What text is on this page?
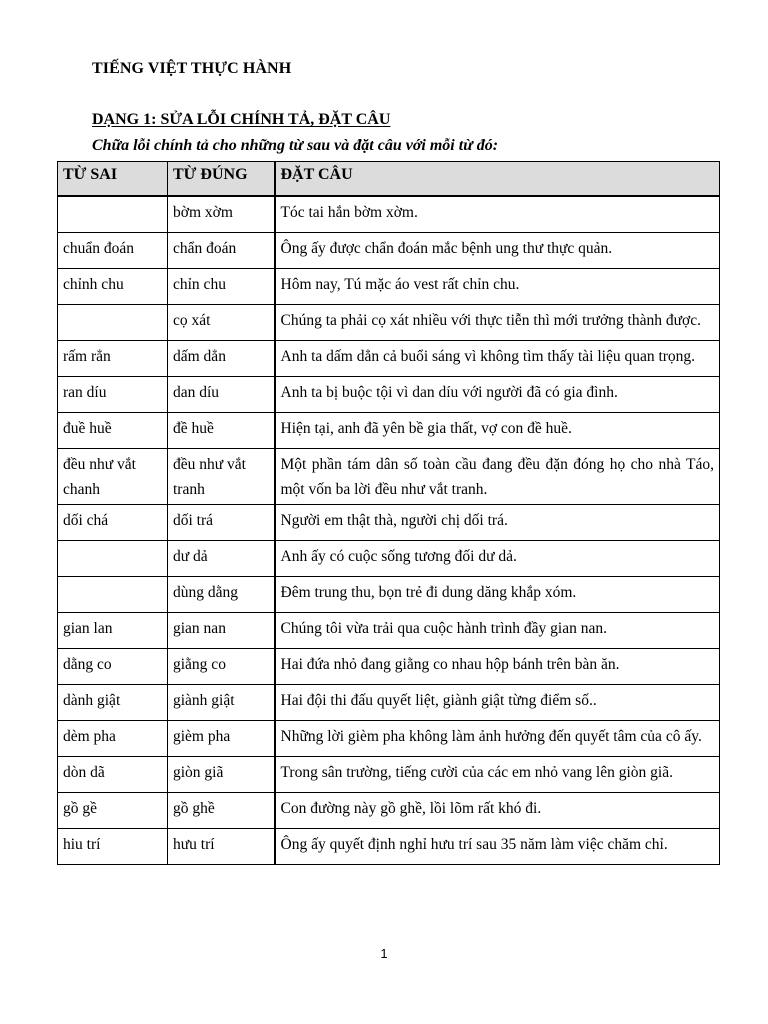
TIẾNG VIỆT THỰC HÀNH
DẠNG 1: SỬA LỖI CHÍNH TẢ, ĐẶT CÂU
Chữa lỗi chính tả cho những từ sau và đặt câu với mỗi từ đó:
TỪ SAI	TỪ ĐÚNG	ĐẶT CÂU
	bờm xờm	Tóc tai hắn bờm xờm.
chuẩn đoán	chẩn đoán	Ông ấy được chẩn đoán mắc bệnh ung thư thực quản.
chỉnh chu	chỉn chu	Hôm nay, Tú mặc áo vest rất chỉn chu.
	cọ xát	Chúng ta phải cọ xát nhiều với thực tiễn thì mới trưởng thành được.
rấm rẳn	dấm dẳn	Anh ta dấm dẳn cả buổi sáng vì không tìm thấy tài liệu quan trọng.
ran díu	dan díu	Anh ta bị buộc tội vì dan díu với người đã có gia đình.
đuề huề	đề huề	Hiện tại, anh đã yên bề gia thất, vợ con đề huề.
đều như vắt chanh	đều như vắt tranh	Một phần tám dân số toàn cầu đang đều đặn đóng họ cho nhà Táo, một vốn ba lời đều như vắt tranh.
dối chá	dối trá	Người em thật thà, người chị dối trá.
	dư dả	Anh ấy có cuộc sống tương đối dư dả.
	dùng dằng	Đêm trung thu, bọn trẻ đi dung dăng khắp xóm.
gian lan	gian nan	Chúng tôi vừa trải qua cuộc hành trình đầy gian nan.
dằng co	giằng co	Hai đứa nhỏ đang giằng co nhau hộp bánh trên bàn ăn.
dành giật	giành giật	Hai đội thi đấu quyết liệt, giành giật từng điểm số..
dèm pha	gièm pha	Những lời gièm pha không làm ảnh hưởng đến quyết tâm của cô ấy.
dòn dã	giòn giã	Trong sân trường, tiếng cười của các em nhỏ vang lên giòn giã.
gồ gề	gồ ghề	Con đường này gồ ghề, lồi lõm rất khó đi.
hiu trí	hưu trí	Ông ấy quyết định nghỉ hưu trí sau 35 năm làm việc chăm chỉ.
1
